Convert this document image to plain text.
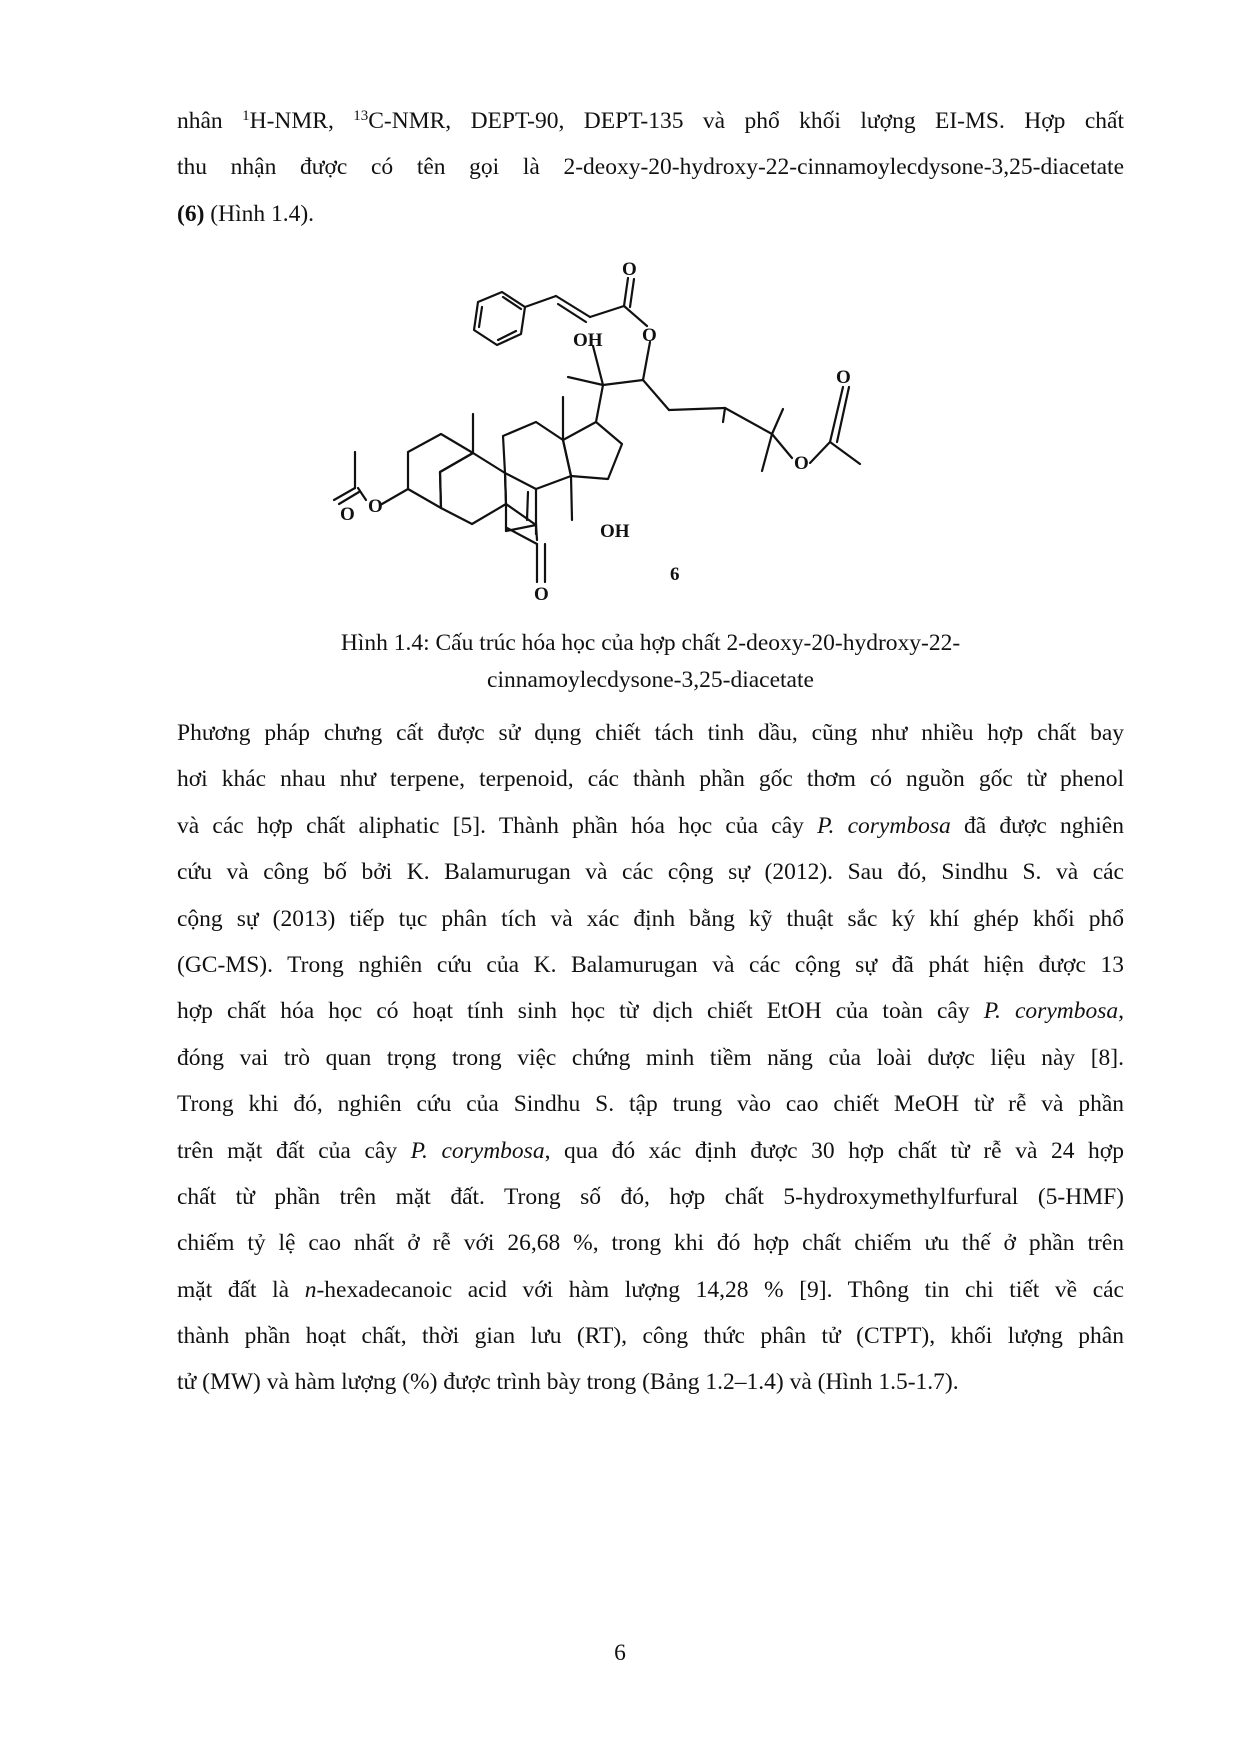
nhân $^1$H-NMR, $^{13}$C-NMR, DEPT-90, DEPT-135 và phổ khối lượng EI-MS. Hợp chất
thu nhận được có tên gọi là 2-deoxy-20-hydroxy-22-cinnamoylecdysone-3,25-diacetate
(6) (Hình 1.4).
O
O
OH
O
O
OH
O
O
O
6
Hình 1.4: Cấu trúc hóa học của hợp chất 2-deoxy-20-hydroxy-22-
cinnamoylecdysone-3,25-diacetate
Phương pháp chưng cất được sử dụng chiết tách tinh dầu, cũng như nhiều hợp chất bay
hơi khác nhau như terpene, terpenoid, các thành phần gốc thơm có nguồn gốc từ phenol
và các hợp chất aliphatic [5]. Thành phần hóa học của cây P. corymbosa đã được nghiên
cứu và công bố bởi K. Balamurugan và các cộng sự (2012). Sau đó, Sindhu S. và các
cộng sự (2013) tiếp tục phân tích và xác định bằng kỹ thuật sắc ký khí ghép khối phổ
(GC-MS). Trong nghiên cứu của K. Balamurugan và các cộng sự đã phát hiện được 13
hợp chất hóa học có hoạt tính sinh học từ dịch chiết EtOH của toàn cây P. corymbosa,
đóng vai trò quan trọng trong việc chứng minh tiềm năng của loài dược liệu này [8].
Trong khi đó, nghiên cứu của Sindhu S. tập trung vào cao chiết MeOH từ rễ và phần
trên mặt đất của cây P. corymbosa, qua đó xác định được 30 hợp chất từ rễ và 24 hợp
chất từ phần trên mặt đất. Trong số đó, hợp chất 5-hydroxymethylfurfural (5-HMF)
chiếm tỷ lệ cao nhất ở rễ với 26,68 %, trong khi đó hợp chất chiếm ưu thế ở phần trên
mặt đất là n-hexadecanoic acid với hàm lượng 14,28 % [9]. Thông tin chi tiết về các
thành phần hoạt chất, thời gian lưu (RT), công thức phân tử (CTPT), khối lượng phân
tử (MW) và hàm lượng (%) được trình bày trong (Bảng 1.2–1.4) và (Hình 1.5-1.7).
6
